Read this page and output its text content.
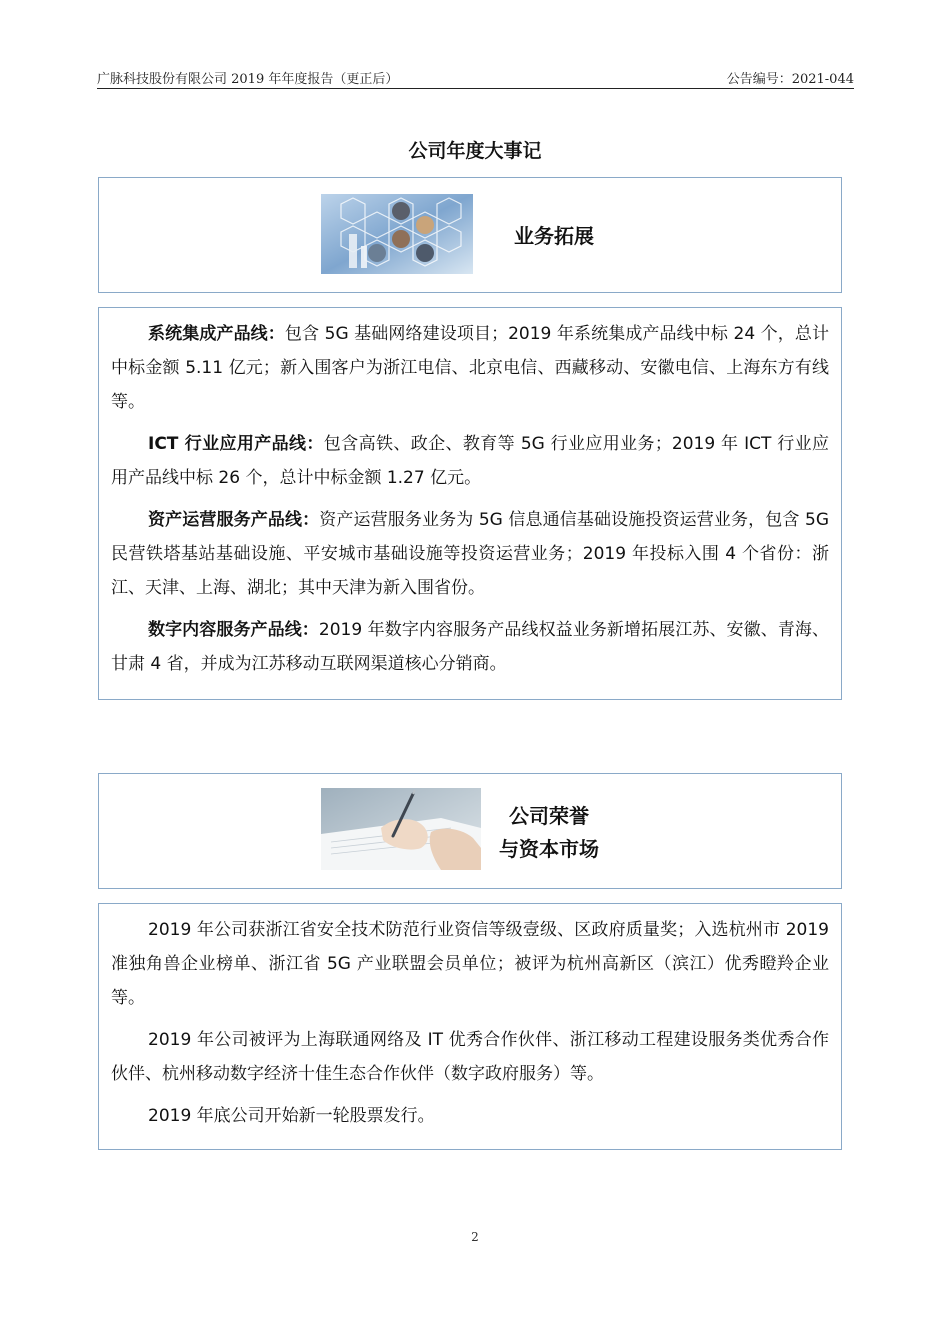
广脉科技股份有限公司 2019 年年度报告（更正后）	公告编号：2021-044
公司年度大事记
业务拓展

系统集成产品线：包含 5G 基础网络建设项目；2019 年系统集成产品线中标 24 个，总计中标金额 5.11 亿元；新入围客户为浙江电信、北京电信、西藏移动、安徽电信、上海东方有线等。

ICT 行业应用产品线：包含高铁、政企、教育等 5G 行业应用业务；2019 年 ICT 行业应用产品线中标 26 个，总计中标金额 1.27 亿元。

资产运营服务产品线：资产运营服务业务为 5G 信息通信基础设施投资运营业务，包含 5G 民营铁塔基站基础设施、平安城市基础设施等投资运营业务；2019 年投标入围 4 个省份：浙江、天津、上海、湖北；其中天津为新入围省份。

数字内容服务产品线：2019 年数字内容服务产品线权益业务新增拓展江苏、安徽、青海、甘肃 4 省，并成为江苏移动互联网渠道核心分销商。

公司荣誉
与资本市场

2019 年公司获浙江省安全技术防范行业资信等级壹级、区政府质量奖；入选杭州市 2019 准独角兽企业榜单、浙江省 5G 产业联盟会员单位；被评为杭州高新区（滨江）优秀瞪羚企业等。

2019 年公司被评为上海联通网络及 IT 优秀合作伙伴、浙江移动工程建设服务类优秀合作伙伴、杭州移动数字经济十佳生态合作伙伴（数字政府服务）等。

2019 年底公司开始新一轮股票发行。

2
